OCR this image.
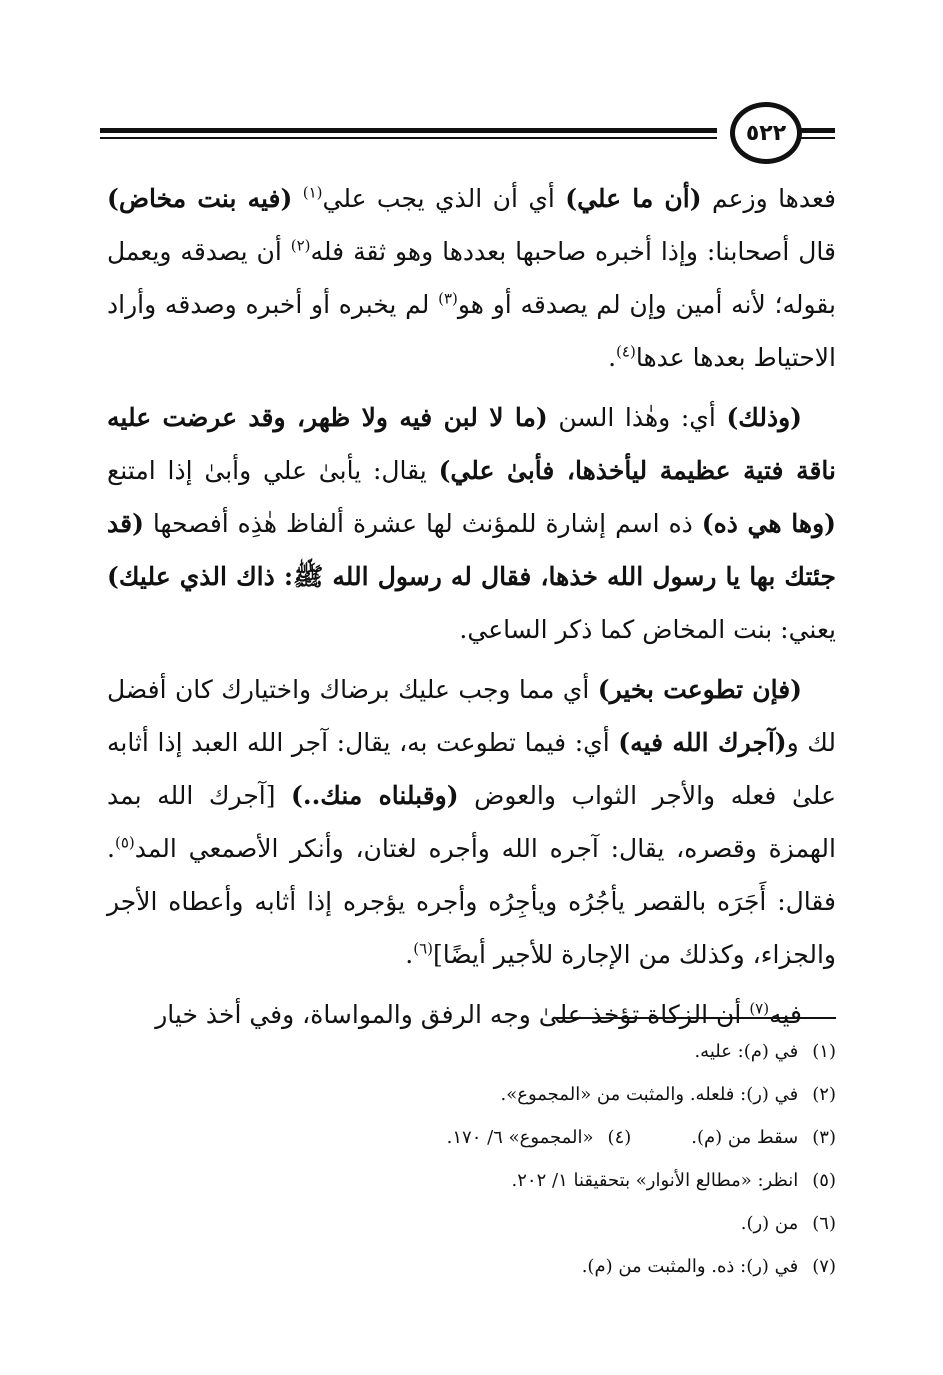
٥٢٢

فعدها وزعم (أن ما علي) أي أن الذي يجب علي$^{(١)}$ (فيه بنت مخاض) قال أصحابنا: وإذا أخبره صاحبها بعددها وهو ثقة فله$^{(٢)}$ أن يصدقه ويعمل بقوله؛ لأنه أمين وإن لم يصدقه أو هو$^{(٣)}$ لم يخبره أو أخبره وصدقه وأراد الاحتياط بعدها عدها$^{(٤)}$.

(وذلك) أي: وهٰذا السن (ما لا لبن فيه ولا ظهر، وقد عرضت عليه ناقة فتية عظيمة ليأخذها، فأبىٰ علي) يقال: يأبىٰ علي وأبىٰ إذا امتنع (وها هي ذه) ذه اسم إشارة للمؤنث لها عشرة ألفاظ هٰذِه أفصحها (قد جئتك بها يا رسول الله خذها، فقال له رسول الله ﷺ: ذاك الذي عليك) يعني: بنت المخاض كما ذكر الساعي.

(فإن تطوعت بخير) أي مما وجب عليك برضاك واختيارك كان أفضل لك و(آجرك الله فيه) أي: فيما تطوعت به، يقال: آجر الله العبد إذا أثابه علىٰ فعله والأجر الثواب والعوض (وقبلناه منك..) [آجرك الله بمد الهمزة وقصره، يقال: آجره الله وأجره لغتان، وأنكر الأصمعي المد$^{(٥)}$. فقال: أَجَرَه بالقصر يأجُرُه ويأجِرُه وأجره يؤجره إذا أثابه وأعطاه الأجر والجزاء، وكذلك من الإجارة للأجير أيضًا]$^{(٦)}$.

فيه$^{(٧)}$ أن الزكاة تؤخذ علىٰ وجه الرفق والمواساة، وفي أخذ خيار

(١)
في (م): عليه.
(٢)
في (ر): فلعله. والمثبت من «المجموع».
(٣)
سقط من (م).
(٤)
«المجموع» ٦/ ١٧٠.
(٥)
انظر: «مطالع الأنوار» بتحقيقنا ١/ ٢٠٢.
(٦)
من (ر).
(٧)
في (ر): ذه. والمثبت من (م).
